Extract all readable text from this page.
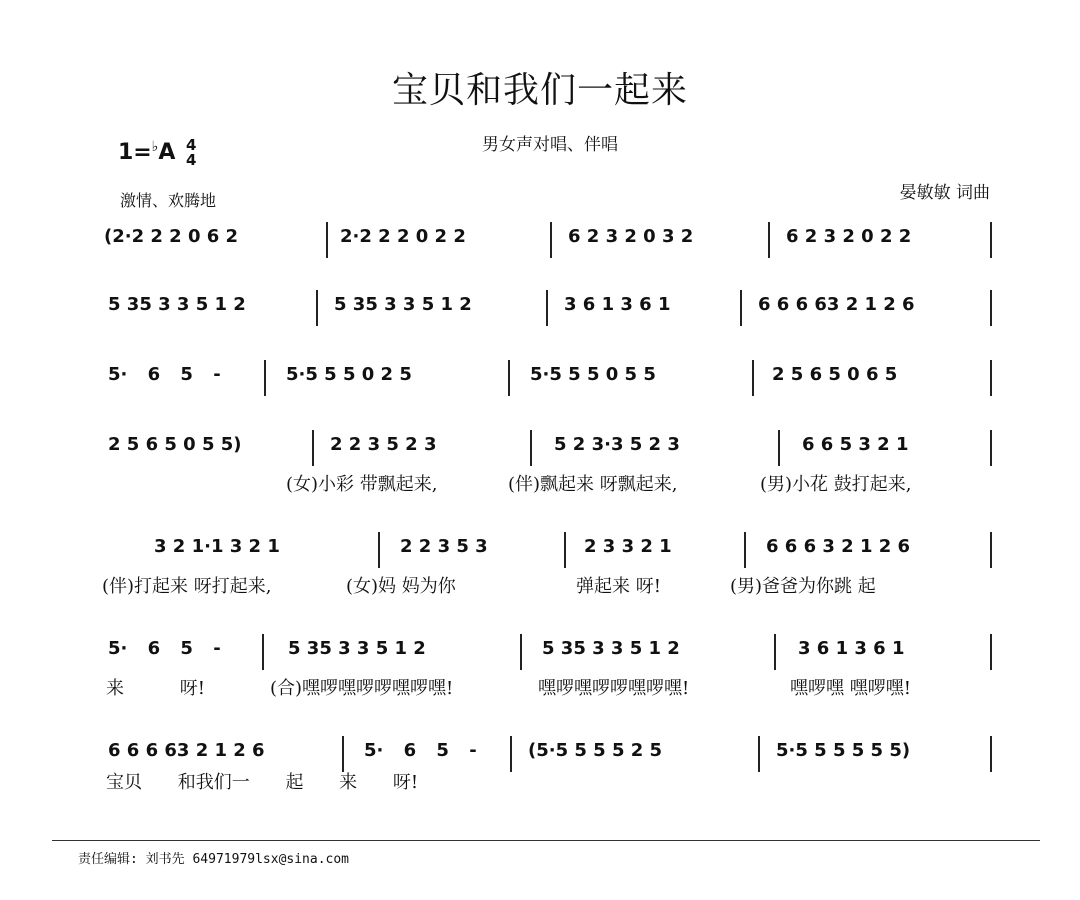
宝贝和我们一起来
男女声对唱、伴唱
1=♭A 4
4
激情、欢腾地	晏敏敏 词曲
(2·2 2 2 0 6 2	2·2 2 2 0 2 2	6 2 3 2 0 3 2	6 2 3 2 0 2 2
5 35 3 3 5 1 2	5 35 3 3 5 1 2	3 6 1 3 6 1	6 6 6 63 2 1 2 6
5· 6 5 -	5·5 5 5 0 2 5	5·5 5 5 0 5 5	2 5 6 5 0 6 5
2 5 6 5 0 5 5)	2 2 3 5 2 3	5 2 3·3 5 2 3	6 6 5 3 2 1
(女)小彩 带飘起来,	(伴)飘起来 呀飘起来,	(男)小花 鼓打起来,
3 2 1·1 3 2 1	2 2 3 5 3	2 3 3 2 1	6 6 6 3 2 1 2 6
(伴)打起来 呀打起来,	(女)妈 妈为你	弹起来 呀!	(男)爸爸为你跳 起
5· 6 5 -	5 35 3 3 5 1 2	5 35 3 3 5 1 2	3 6 1 3 6 1
来 呀!	(合)嘿啰嘿啰啰嘿啰嘿!	嘿啰嘿啰啰嘿啰嘿!	嘿啰嘿 嘿啰嘿!
6 6 6 63 2 1 2 6	5· 6 5 -	(5·5 5 5 5 2 5	5·5 5 5 5 5 5)
宝贝 和我们一 起 来 呀!
责任编辑: 刘书先 64971979lsx@sina.com
